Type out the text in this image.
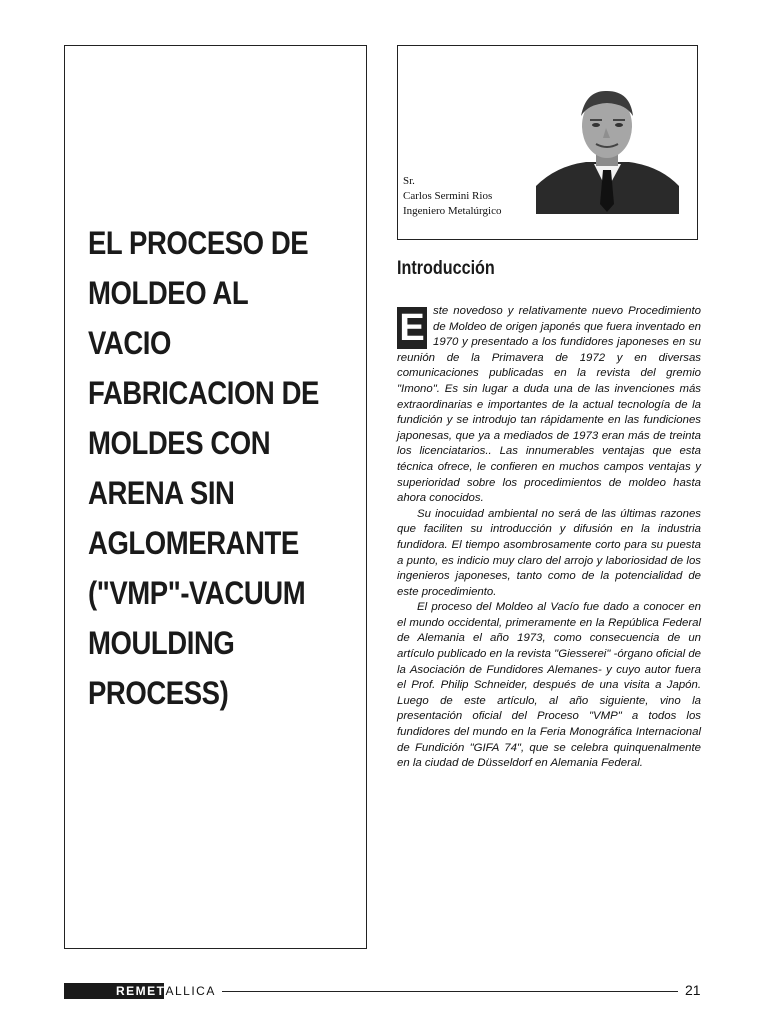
EL PROCESO DE
MOLDEO AL
VACIO
FABRICACION DE
MOLDES CON
ARENA SIN
AGLOMERANTE
("VMP"-VACUUM
MOULDING
PROCESS)
Sr.
Carlos Sermini Rios
Ingeniero Metalúrgico
Introducción

E ste novedoso y relativamente nuevo Procedimiento de Moldeo de origen japonés que fuera inventado en 1970 y presentado a los fundidores japoneses en su reunión de la Primavera de 1972 y en diversas comunicaciones publicadas en la revista del gremio "Imono". Es sin lugar a duda una de las invenciones más extraordinarias e importantes de la actual tecnología de la fundición y se introdujo tan rápidamente en las fundiciones japonesas, que ya a mediados de 1973 eran más de treinta los licenciatarios.. Las innumerables ventajas que esta técnica ofrece, le confieren en muchos campos ventajas y superioridad sobre los procedimientos de moldeo hasta ahora conocidos.

Su inocuidad ambiental no será de las últimas razones que faciliten su introducción y difusión en la industria fundidora. El tiempo asombrosamente corto para su puesta a punto, es indicio muy claro del arrojo y laboriosidad de los ingenieros japoneses, tanto como de la potencialidad de este procedimiento.

El proceso del Moldeo al Vacío fue dado a conocer en el mundo occidental, primeramente en la República Federal de Alemania el año 1973, como consecuencia de un artículo publicado en la revista "Giesserei" -órgano oficial de la Asociación de Fundidores Alemanes- y cuyo autor fuera el Prof. Philip Schneider, después de una visita a Japón. Luego de este artículo, al año siguiente, vino la presentación oficial del Proceso "VMP" a todos los fundidores del mundo en la Feria Monográfica Internacional de Fundición "GIFA 74", que se celebra quinquenalmente en la ciudad de Düsseldorf en Alemania Federal.

REMETALLICA	21
